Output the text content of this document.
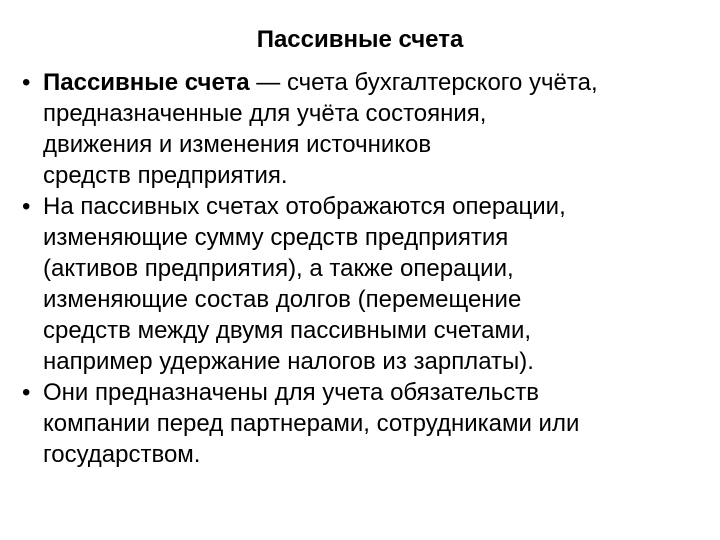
Пассивные счета
• Пассивные счета — счета бухгалтерского учёта,
предназначенные для учёта состояния,
движения и изменения источников
средств предприятия.
• На пассивных счетах отображаются операции,
изменяющие сумму средств предприятия
(активов предприятия), а также операции,
изменяющие состав долгов (перемещение
средств между двумя пассивными счетами,
например удержание налогов из зарплаты).
• Они предназначены для учета обязательств
компании перед партнерами, сотрудниками или
государством.
